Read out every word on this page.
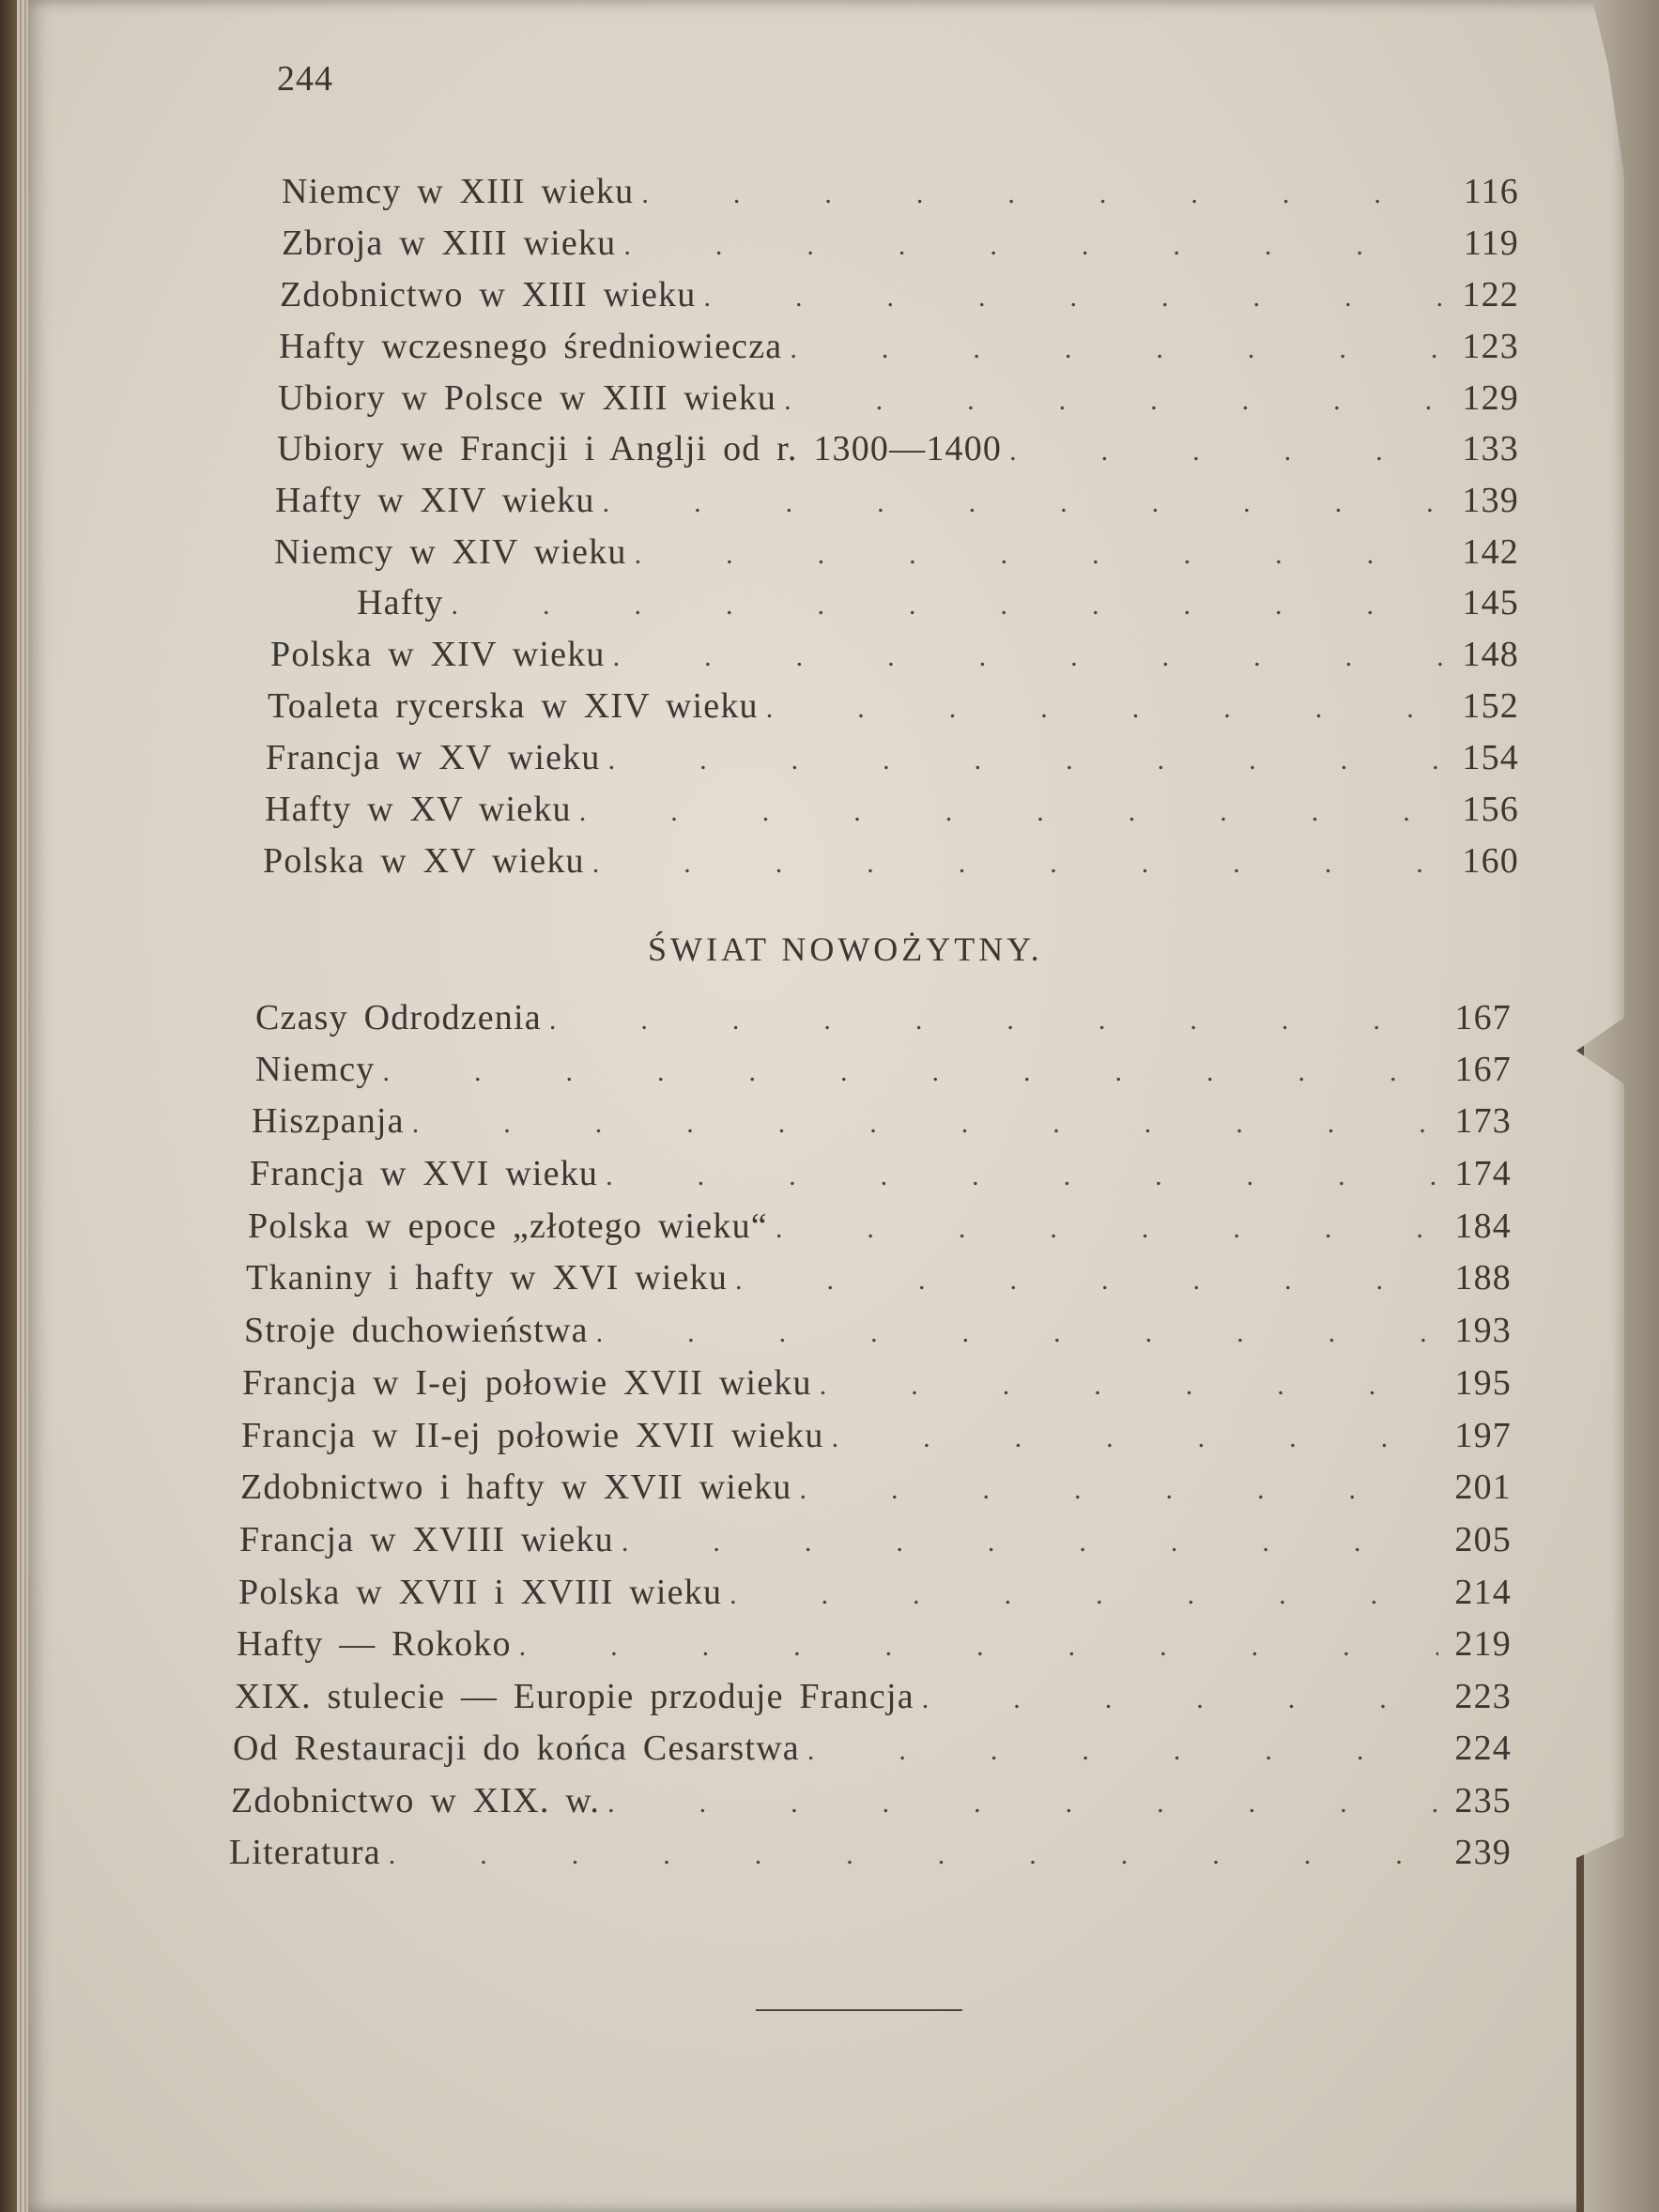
244
Niemcy w XIII wieku .	116
Zbroja w XIII wieku .	119
Zdobnictwo w XIII wieku .	122
Hafty wczesnego średniowiecza .	123
Ubiory w Polsce w XIII wieku .	129
Ubiory we Francji i Anglji od r. 1300—1400 .	133
Hafty w XIV wieku .	139
Niemcy w XIV wieku .	142
Hafty .	145
Polska w XIV wieku .	148
Toaleta rycerska w XIV wieku .	152
Francja w XV wieku .	154
Hafty w XV wieku .	156
Polska w XV wieku .	160
ŚWIAT NOWOŻYTNY.
Czasy Odrodzenia .	167
Niemcy .	167
Hiszpanja .	173
Francja w XVI wieku .	174
Polska w epoce „złotego wieku“ .	184
Tkaniny i hafty w XVI wieku .	188
Stroje duchowieństwa .	193
Francja w I-ej połowie XVII wieku .	195
Francja w II-ej połowie XVII wieku .	197
Zdobnictwo i hafty w XVII wieku .	201
Francja w XVIII wieku .	205
Polska w XVII i XVIII wieku .	214
Hafty — Rokoko .	219
XIX. stulecie — Europie przoduje Francja .	223
Od Restauracji do końca Cesarstwa .	224
Zdobnictwo w XIX. w. .	235
Literatura .	239
